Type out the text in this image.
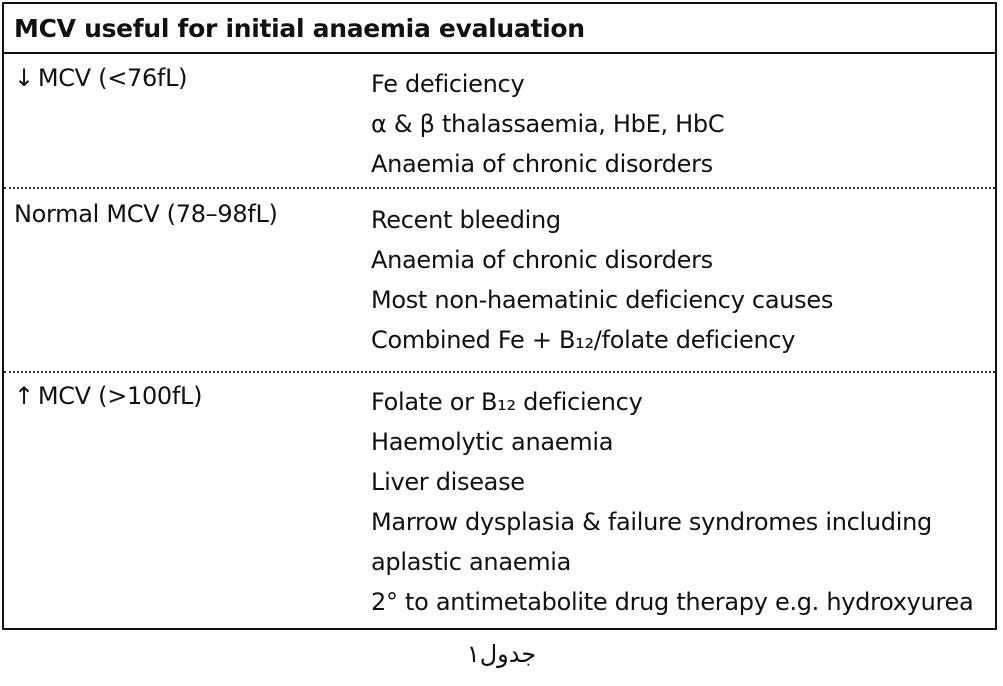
MCV useful for initial anaemia evaluation
↓ MCV (<76fL)	Fe deficiency
α & β thalassaemia, HbE, HbC
Anaemia of chronic disorders
Normal MCV (78–98fL)	Recent bleeding
Anaemia of chronic disorders
Most non-haematinic deficiency causes
Combined Fe + B₁₂/folate deficiency
↑ MCV (>100fL)	Folate or B₁₂ deficiency
Haemolytic anaemia
Liver disease
Marrow dysplasia & failure syndromes including aplastic anaemia
2° to antimetabolite drug therapy e.g. hydroxyurea
جدول۱
